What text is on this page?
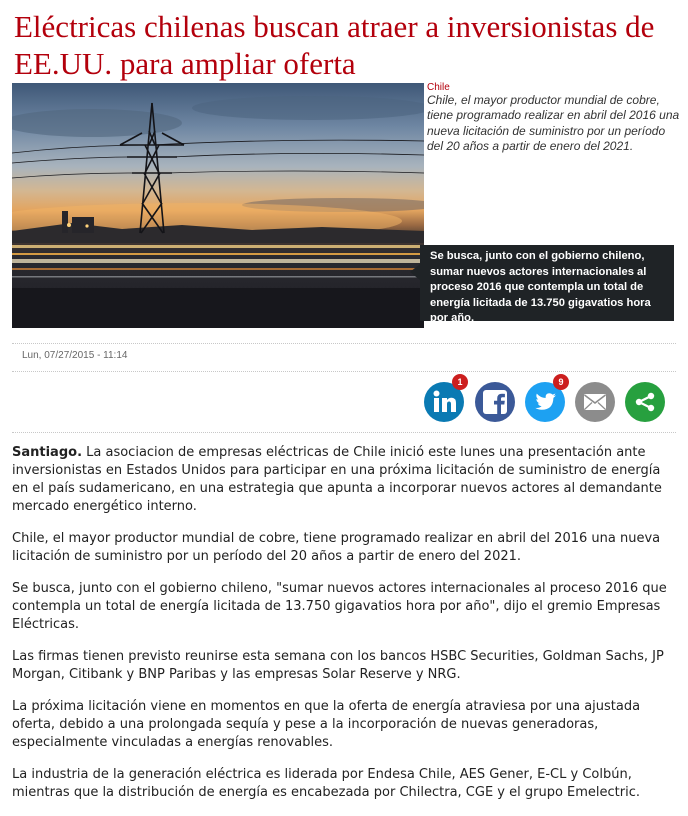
Eléctricas chilenas buscan atraer a inversionistas de EE.UU. para ampliar oferta
Se busca, junto con el gobierno chileno, sumar nuevos actores internacionales al proceso 2016 que contempla un total de energía licitada de 13.750 gigavatios hora por año.

Chile

Chile, el mayor productor mundial de cobre, tiene programado realizar en abril del 2016 una nueva licitación de suministro por un período del 20 años a partir de enero del 2021.

Lun, 07/27/2015 - 11:14

1	9

Santiago. La asociacion de empresas eléctricas de Chile inició este lunes una presentación ante inversionistas en Estados Unidos para participar en una próxima licitación de suministro de energía en el país sudamericano, en una estrategia que apunta a incorporar nuevos actores al demandante mercado energético interno.

Chile, el mayor productor mundial de cobre, tiene programado realizar en abril del 2016 una nueva licitación de suministro por un período del 20 años a partir de enero del 2021.

Se busca, junto con el gobierno chileno, "sumar nuevos actores internacionales al proceso 2016 que contempla un total de energía licitada de 13.750 gigavatios hora por año", dijo el gremio Empresas Eléctricas.

Las firmas tienen previsto reunirse esta semana con los bancos HSBC Securities, Goldman Sachs, JP Morgan, Citibank y BNP Paribas y las empresas Solar Reserve y NRG.

La próxima licitación viene en momentos en que la oferta de energía atraviesa por una ajustada oferta, debido a una prolongada sequía y pese a la incorporación de nuevas generadoras, especialmente vinculadas a energías renovables.

La industria de la generación eléctrica es liderada por Endesa Chile, AES Gener, E-CL y Colbún, mientras que la distribución de energía es encabezada por Chilectra, CGE y el grupo Emelectric.
